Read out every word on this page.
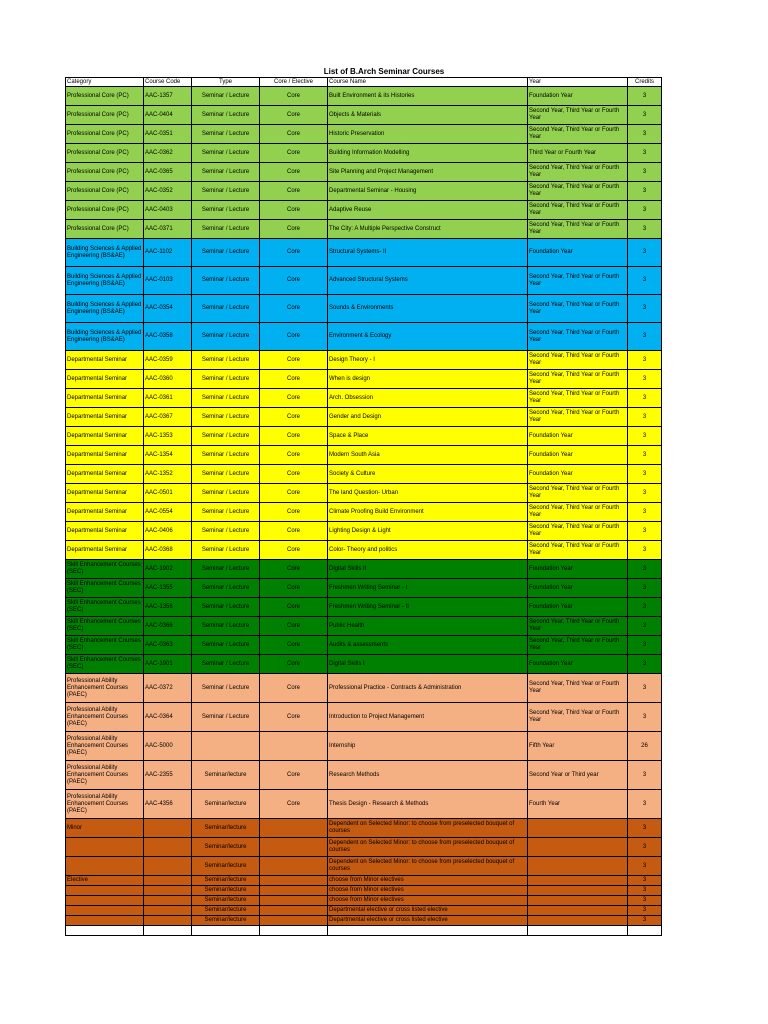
List of B.Arch Seminar Courses
Category	Course Code	Type	Core / Elective	Course Name	Year	Credits
Professional Core (PC)	AAC-1357	Seminar / Lecture	Core	Built Environment & its Histories	Foundation Year	3
Professional Core (PC)	AAC-0404	Seminar / Lecture	Core	Objects & Materials	Second Year, Third Year or Fourth Year	3
Professional Core (PC)	AAC-0351	Seminar / Lecture	Core	Historic Preservation	Second Year, Third Year or Fourth Year	3
Professional Core (PC)	AAC-0362	Seminar / Lecture	Core	Building Information Modelling	Third Year or Fourth Year	3
Professional Core (PC)	AAC-0365	Seminar / Lecture	Core	Site Planning and Project Management	Second Year, Third Year or Fourth Year	3
Professional Core (PC)	AAC-0352	Seminar / Lecture	Core	Departmental Seminar - Housing	Second Year, Third Year or Fourth Year	3
Professional Core (PC)	AAC-0403	Seminar / Lecture	Core	Adaptive Reuse	Second Year, Third Year or Fourth Year	3
Professional Core (PC)	AAC-0371	Seminar / Lecture	Core	The City: A Multiple Perspective Construct	Second Year, Third Year or Fourth Year	3
Building Sciences & Applied Engineering (BS&AE)	AAC-1102	Seminar / Lecture	Core	Structural Systems- II	Foundation Year	3
Building Sciences & Applied Engineering (BS&AE)	AAC-0103	Seminar / Lecture	Core	Advanced Structural Systems	Second Year, Third Year or Fourth Year	3
Building Sciences & Applied Engineering (BS&AE)	AAC-0354	Seminar / Lecture	Core	Sounds & Environments	Second Year, Third Year or Fourth Year	3
Building Sciences & Applied Engineering (BS&AE)	AAC-0358	Seminar / Lecture	Core	Environment & Ecology	Second Year, Third Year or Fourth Year	3
Departmental Seminar	AAC-0359	Seminar / Lecture	Core	Design Theory - I	Second Year, Third Year or Fourth Year	3
Departmental Seminar	AAC-0360	Seminar / Lecture	Core	When is design	Second Year, Third Year or Fourth Year	3
Departmental Seminar	AAC-0361	Seminar / Lecture	Core	Arch. Obsession	Second Year, Third Year or Fourth Year	3
Departmental Seminar	AAC-0367	Seminar / Lecture	Core	Gender and Design	Second Year, Third Year or Fourth Year	3
Departmental Seminar	AAC-1353	Seminar / Lecture	Core	Space & Place	Foundation Year	3
Departmental Seminar	AAC-1354	Seminar / Lecture	Core	Modern South Asia	Foundation Year	3
Departmental Seminar	AAC-1352	Seminar / Lecture	Core	Society & Culture	Foundation Year	3
Departmental Seminar	AAC-0501	Seminar / Lecture	Core	The land Question- Urban	Second Year, Third Year or Fourth Year	3
Departmental Seminar	AAC-0554	Seminar / Lecture	Core	Climate Proofing Build Environment	Second Year, Third Year or Fourth Year	3
Departmental Seminar	AAC-0406	Seminar / Lecture	Core	Lighting Design & Light	Second Year, Third Year or Fourth Year	3
Departmental Seminar	AAC-0368	Seminar / Lecture	Core	Color- Theory and politics	Second Year, Third Year or Fourth Year	3
Skill Enhancement Courses (SEC)	AAC-1902	Seminar / Lecture	Core	Digital Skills II	Foundation Year	3
Skill Enhancement Courses (SEC)	AAC-1355	Seminar / Lecture	Core	Freshmen Writing Seminar - I	Foundation Year	3
Skill Enhancement Courses (SEC)	AAC-1356	Seminar / Lecture	Core	Freshmen Writing Seminar - II	Foundation Year	3
Skill Enhancement Courses (SEC)	AAC-0366	Seminar / Lecture	Core	Public Health	Second Year, Third Year or Fourth Year	3
Skill Enhancement Courses (SEC)	AAC-0363	Seminar / Lecture	Core	Audits & assessments	Second Year, Third Year or Fourth Year	3
Skill Enhancement Courses (SEC)	AAC-1901	Seminar / Lecture	Core	Digital Skills I	Foundation Year	3
Professional Ability Enhancement Courses (PAEC)	AAC-0372	Seminar / Lecture	Core	Professional Practice - Contracts & Administration	Second Year, Third Year or Fourth Year	3
Professional Ability Enhancement Courses (PAEC)	AAC-0364	Seminar / Lecture	Core	Introduction to Project Management	Second Year, Third Year or Fourth Year	3
Professional Ability Enhancement Courses (PAEC)	AAC-5000			Internship	Fifth Year	26
Professional Ability Enhancement Courses (PAEC)	AAC-2355	Seminar/lecture	Core	Research Methods	Second Year or Third year	3
Professional Ability Enhancement Courses (PAEC)	AAC-4356	Seminar/lecture	Core	Thesis Design - Research & Methods	Fourth Year	3
Minor		Seminar/lecture		Dependent on Selected Minor: to choose from preselected bouquet of courses		3
		Seminar/lecture		Dependent on Selected Minor: to choose from preselected bouquet of courses		3
		Seminar/lecture		Dependent on Selected Minor: to choose from preselected bouquet of courses		3
Elective		Seminar/lecture		choose from Minor electives		3
		Seminar/lecture		choose from Minor electives		3
		Seminar/lecture		choose from Minor electives		3
		Seminar/lecture		Departmental elective or cross listed elective		3
		Seminar/lecture		Departmental elective or cross listed elective		3
